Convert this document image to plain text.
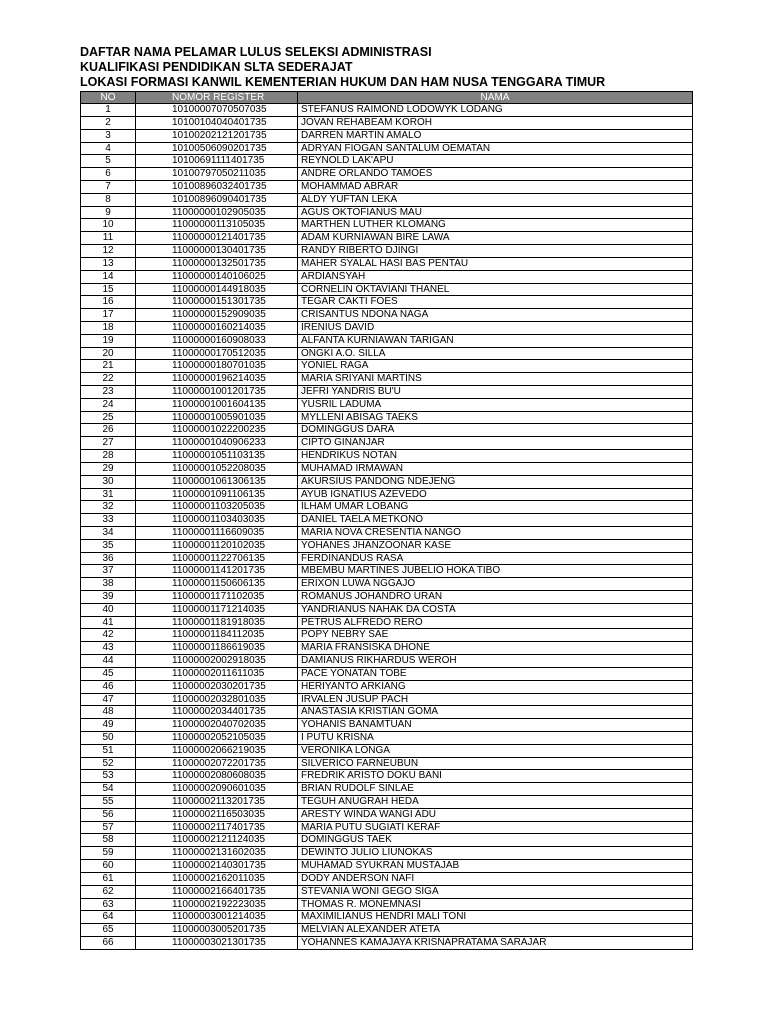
DAFTAR NAMA PELAMAR LULUS SELEKSI ADMINISTRASI
KUALIFIKASI PENDIDIKAN SLTA SEDERAJAT
LOKASI FORMASI KANWIL KEMENTERIAN HUKUM DAN HAM NUSA TENGGARA TIMUR
NO	NOMOR REGISTER	NAMA
1	10100007070507035	STEFANUS RAIMOND LODOWYK LODANG
2	10100104040401735	JOVAN REHABEAM KOROH
3	10100202121201735	DARREN MARTIN AMALO
4	10100506090201735	ADRYAN FIOGAN SANTALUM OEMATAN
5	10100691111401735	REYNOLD LAK'APU
6	10100797050211035	ANDRE ORLANDO TAMOES
7	10100896032401735	MOHAMMAD ABRAR
8	10100896090401735	ALDY YUFTAN LEKA
9	11000000102905035	AGUS OKTOFIANUS MAU
10	11000000113105035	MARTHEN LUTHER KLOMANG
11	11000000121401735	ADAM KURNIAWAN BIRE LAWA
12	11000000130401735	RANDY RIBERTO DJINGI
13	11000000132501735	MAHER SYALAL HASI BAS PENTAU
14	11000000140106025	ARDIANSYAH
15	11000000144918035	CORNELIN OKTAVIANI THANEL
16	11000000151301735	TEGAR CAKTI FOES
17	11000000152909035	CRISANTUS NDONA NAGA
18	11000000160214035	IRENIUS DAVID
19	11000000160908033	ALFANTA KURNIAWAN TARIGAN
20	11000000170512035	ONGKI A.O. SILLA
21	11000000180701035	YONIEL RAGA
22	11000000196214035	MARIA SRIYANI MARTINS
23	11000001001201735	JEFRI YANDRIS BU'U
24	11000001001604135	YUSRIL LADUMA
25	11000001005901035	MYLLENI ABISAG TAEKS
26	11000001022200235	DOMINGGUS DARA
27	11000001040906233	CIPTO GINANJAR
28	11000001051103135	HENDRIKUS NOTAN
29	11000001052208035	MUHAMAD IRMAWAN
30	11000001061306135	AKURSIUS PANDONG NDEJENG
31	11000001091106135	AYUB IGNATIUS AZEVEDO
32	11000001103205035	ILHAM UMAR LOBANG
33	11000001103403035	DANIEL TAELA METKONO
34	11000001116609035	MARIA NOVA CRESENTIA NANGO
35	11000001120102035	YOHANES JHANZOONAR KASE
36	11000001122706135	FERDINANDUS RASA
37	11000001141201735	MBEMBU MARTINES JUBELIO HOKA TIBO
38	11000001150606135	ERIXON LUWA NGGAJO
39	11000001171102035	ROMANUS JOHANDRO URAN
40	11000001171214035	YANDRIANUS NAHAK DA COSTA
41	11000001181918035	PETRUS ALFREDO RERO
42	11000001184112035	POPY NEBRY SAE
43	11000001186619035	MARIA FRANSISKA DHONE
44	11000002002918035	DAMIANUS RIKHARDUS WEROH
45	11000002011611035	PACE YONATAN TOBE
46	11000002030201735	HERIYANTO ARKIANG
47	11000002032801035	IRVALEN JUSUP PACH
48	11000002034401735	ANASTASIA KRISTIAN GOMA
49	11000002040702035	YOHANIS BANAMTUAN
50	11000002052105035	I PUTU KRISNA
51	11000002066219035	VERONIKA LONGA
52	11000002072201735	SILVERICO FARNEUBUN
53	11000002080608035	FREDRIK ARISTO DOKU BANI
54	11000002090601035	BRIAN RUDOLF SINLAE
55	11000002113201735	TEGUH ANUGRAH HEDA
56	11000002116503035	ARESTY WINDA WANGI ADU
57	11000002117401735	MARIA PUTU SUGIATI KERAF
58	11000002121124035	DOMINGGUS TAEK
59	11000002131602035	DEWINTO JULIO LIUNOKAS
60	11000002140301735	MUHAMAD SYUKRAN MUSTAJAB
61	11000002162011035	DODY ANDERSON NAFI
62	11000002166401735	STEVANIA WONI GEGO SIGA
63	11000002192223035	THOMAS R. MONEMNASI
64	11000003001214035	MAXIMILIANUS HENDRI MALI TONI
65	11000003005201735	MELVIAN ALEXANDER ATETA
66	11000003021301735	YOHANNES KAMAJAYA KRISNAPRATAMA SARAJAR
